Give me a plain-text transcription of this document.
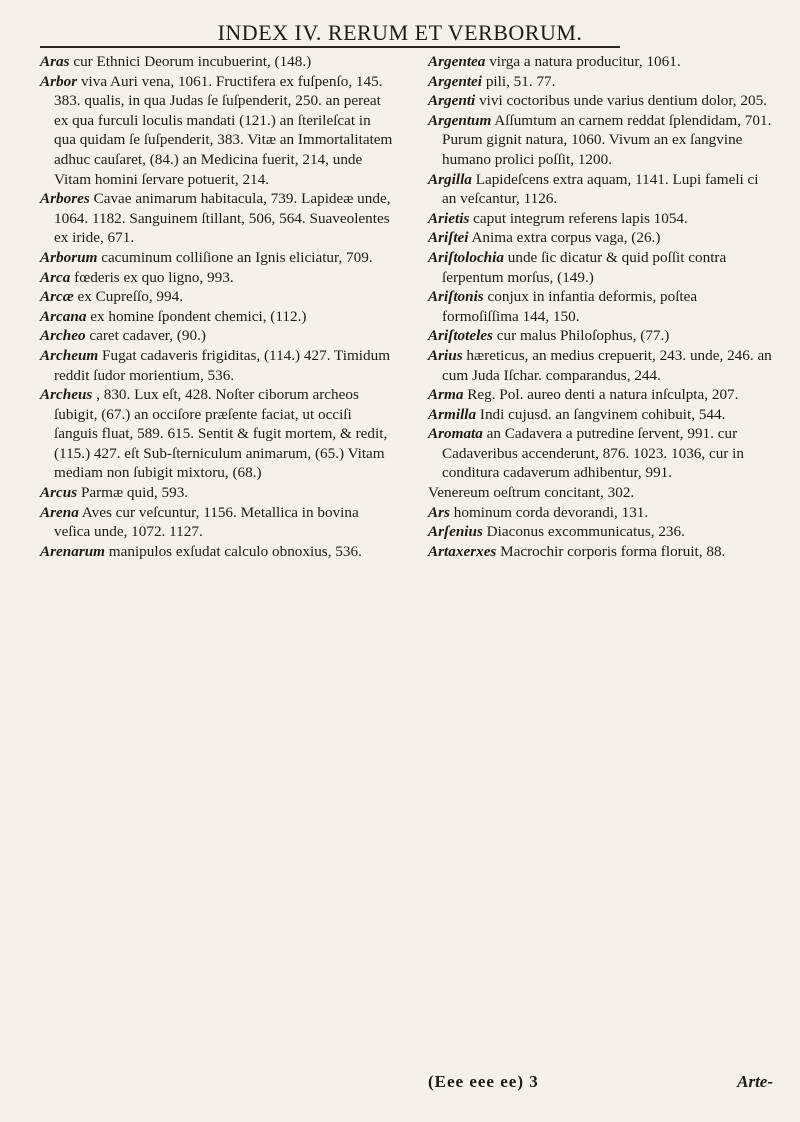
INDEX IV. RERUM ET VERBORUM.

Aras cur Ethnici Deorum incubuerint, (148.)

Arbor viva Auri vena, 1061. Fructifera ex fuſpenſo, 145. 383. qualis, in qua Judas ſe ſuſpenderit, 250. an pereat ex qua furculi loculis mandati (121.) an ſterileſcat in qua quidam ſe ſuſpenderit, 383. Vitæ an Immortalitatem adhuc cauſaret, (84.) an Medicina fuerit, 214, unde Vitam homini ſervare potuerit, 214.

Arbores Cavae animarum habitacula, 739. Lapideæ unde, 1064. 1182. Sanguinem ſtillant, 506, 564. Suaveolentes ex iride, 671.

Arborum cacuminum colliſione an Ignis eliciatur, 709.

Arca fœderis ex quo ligno, 993.

Arcæ ex Cupreſſo, 994.

Arcana ex homine ſpondent chemici, (112.)

Archeo caret cadaver, (90.)

Archeum Fugat cadaveris frigiditas, (114.) 427. Timidum reddit ſudor morientium, 536.

Archeus , 830. Lux eſt, 428. Noſter ciborum archeos ſubigit, (67.) an occiſore præſente faciat, ut occiſi ſanguis fluat, 589. 615. Sentit & fugit mortem, & redit, (115.) 427. eſt Sub-ſterniculum animarum, (65.) Vitam mediam non ſubigit mixtoru, (68.)

Arcus Parmæ quid, 593.

Arena Aves cur veſcuntur, 1156. Metallica in bovina veſica unde, 1072. 1127.

Arenarum manipulos exſudat calculo obnoxius, 536.

Argentea virga a natura producitur, 1061.

Argentei pili, 51. 77.

Argenti vivi coctoribus unde varius dentium dolor, 205.

Argentum Aſſumtum an carnem reddat ſplendidam, 701. Purum gignit natura, 1060. Vivum an ex ſangvine humano prolici poſſit, 1200.

Argilla Lapideſcens extra aquam, 1141. Lupi fameli ci an veſcantur, 1126.

Arietis caput integrum referens lapis 1054.

Ariſtei Anima extra corpus vaga, (26.)

Ariſtolochia unde ſic dicatur & quid poſſit contra ſerpentum morſus, (149.)

Ariſtonis conjux in infantia deformis, poſtea formoſiſſima 144, 150.

Ariſtoteles cur malus Philoſophus, (77.)

Arius hæreticus, an medius crepuerit, 243. unde, 246. an cum Juda Iſchar. comparandus, 244.

Arma Reg. Pol. aureo denti a natura inſculpta, 207.

Armilla Indi cujusd. an ſangvinem cohibuit, 544.

Aromata an Cadavera a putredine ſervent, 991. cur Cadaveribus accenderunt, 876. 1023. 1036, cur in conditura cadaverum adhibentur, 991.

Venereum oeſtrum concitant, 302.

Ars hominum corda devorandi, 131.

Arſenius Diaconus excommunicatus, 236.

Artaxerxes Macrochir corporis forma floruit, 88.

(Eee eee ee) 3	Arte-
